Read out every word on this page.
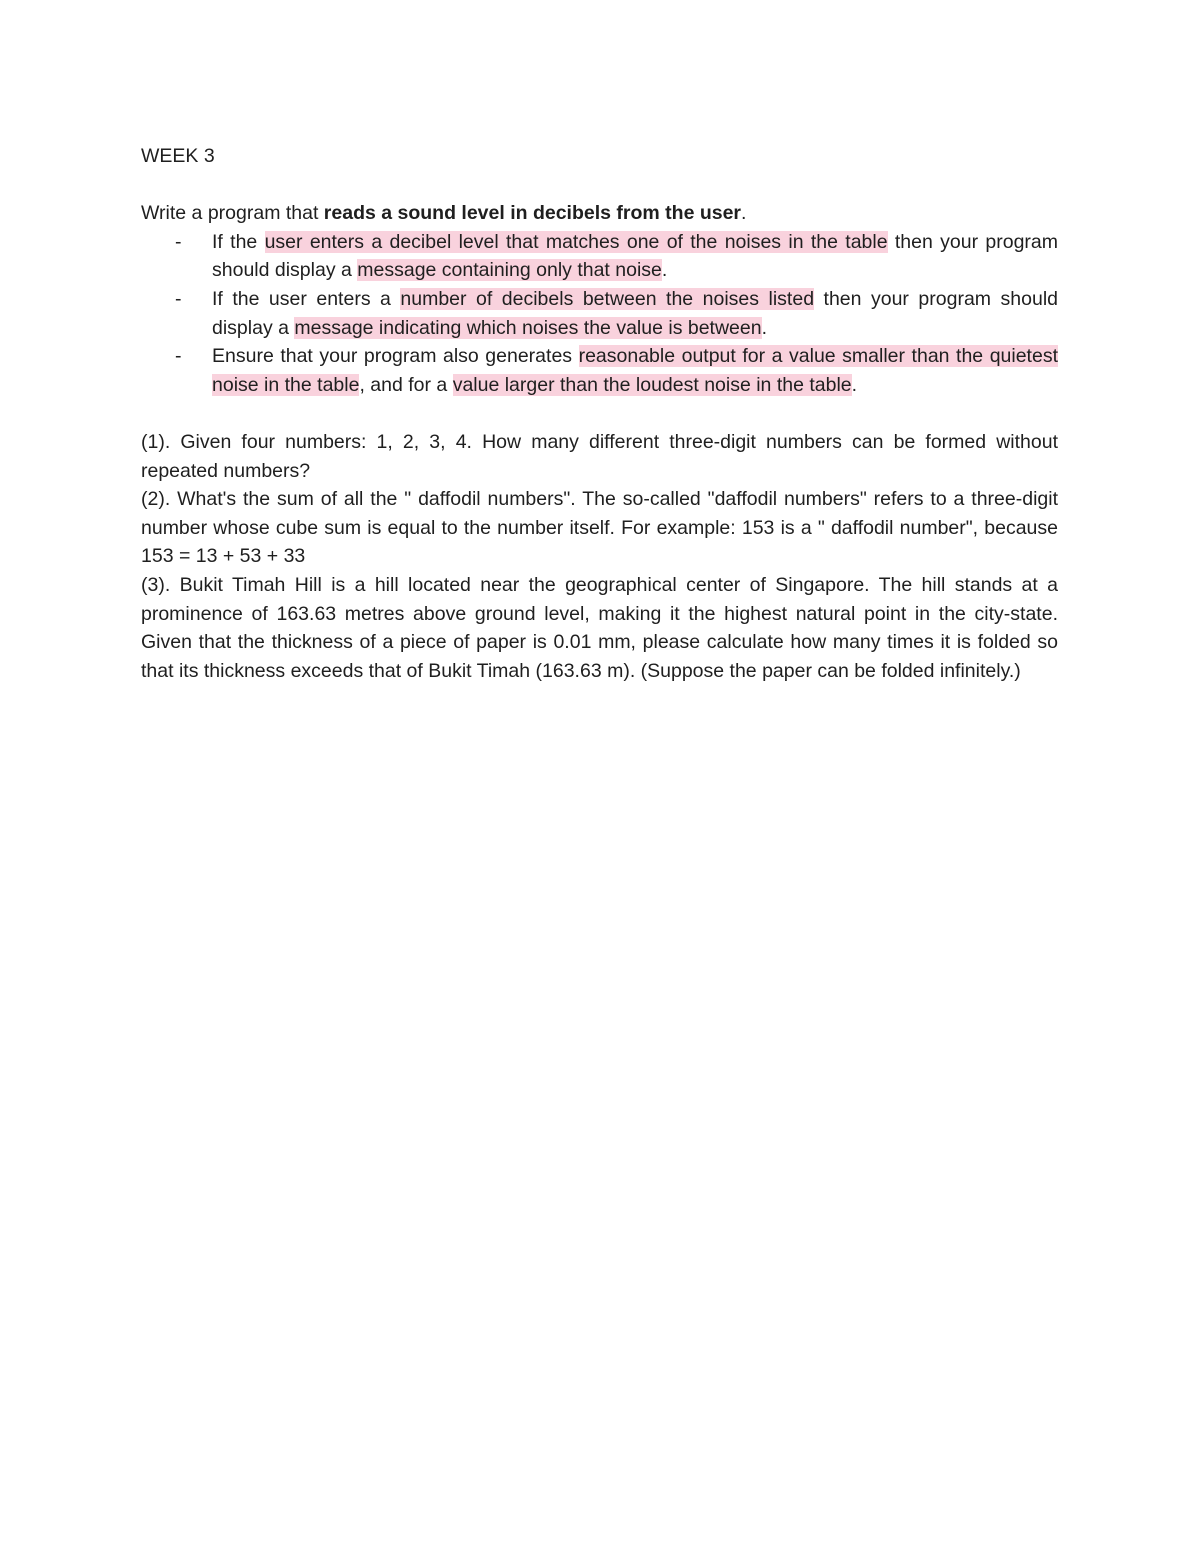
WEEK 3

Write a program that reads a sound level in decibels from the user.

- If the user enters a decibel level that matches one of the noises in the table then your program should display a message containing only that noise.
- If the user enters a number of decibels between the noises listed then your program should display a message indicating which noises the value is between.
- Ensure that your program also generates reasonable output for a value smaller than the quietest noise in the table, and for a value larger than the loudest noise in the table.

(1). Given four numbers: 1, 2, 3, 4. How many different three-digit numbers can be formed without repeated numbers?

(2). What's the sum of all the " daffodil numbers". The so-called "daffodil numbers" refers to a three-digit number whose cube sum is equal to the number itself. For example: 153 is a " daffodil number", because 153 = 13 + 53 + 33

(3). Bukit Timah Hill is a hill located near the geographical center of Singapore. The hill stands at a prominence of 163.63 metres above ground level, making it the highest natural point in the city-state. Given that the thickness of a piece of paper is 0.01 mm, please calculate how many times it is folded so that its thickness exceeds that of Bukit Timah (163.63 m). (Suppose the paper can be folded infinitely.)
